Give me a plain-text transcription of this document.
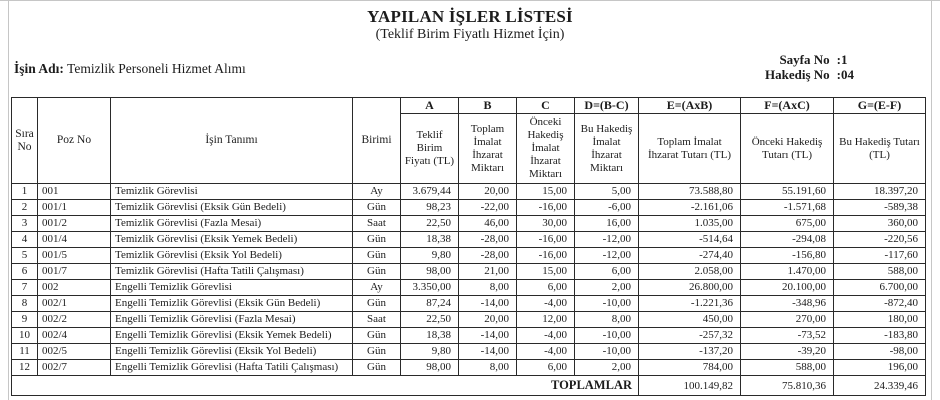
YAPILAN İŞLER LİSTESİ
(Teklif Birim Fiyatlı Hizmet İçin)
İşin Adı: Temizlik Personeli Hizmet Alımı
Sayfa No :1
Hakediş No :04
Sıra No	Poz No	İşin Tanımı	Birimi	A	B	C	D=(B-C)	E=(AxB)	F=(AxC)	G=(E-F)
				Teklif Birim Fiyatı (TL)	Toplam İmalat İhzarat Miktarı	Önceki Hakediş İmalat İhzarat Miktarı	Bu Hakediş İmalat İhzarat Miktarı	Toplam İmalat İhzarat Tutarı (TL)	Önceki Hakediş Tutarı (TL)	Bu Hakediş Tutarı (TL)
1	001	Temizlik Görevlisi	Ay	3.679,44	20,00	15,00	5,00	73.588,80	55.191,60	18.397,20
2	001/1	Temizlik Görevlisi (Eksik Gün Bedeli)	Gün	98,23	-22,00	-16,00	-6,00	-2.161,06	-1.571,68	-589,38
3	001/2	Temizlik Görevlisi (Fazla Mesai)	Saat	22,50	46,00	30,00	16,00	1.035,00	675,00	360,00
4	001/4	Temizlik Görevlisi (Eksik Yemek Bedeli)	Gün	18,38	-28,00	-16,00	-12,00	-514,64	-294,08	-220,56
5	001/5	Temizlik Görevlisi (Eksik Yol Bedeli)	Gün	9,80	-28,00	-16,00	-12,00	-274,40	-156,80	-117,60
6	001/7	Temizlik Görevlisi (Hafta Tatili Çalışması)	Gün	98,00	21,00	15,00	6,00	2.058,00	1.470,00	588,00
7	002	Engelli Temizlik Görevlisi	Ay	3.350,00	8,00	6,00	2,00	26.800,00	20.100,00	6.700,00
8	002/1	Engelli Temizlik Görevlisi (Eksik Gün Bedeli)	Gün	87,24	-14,00	-4,00	-10,00	-1.221,36	-348,96	-872,40
9	002/2	Engelli Temizlik Görevlisi (Fazla Mesai)	Saat	22,50	20,00	12,00	8,00	450,00	270,00	180,00
10	002/4	Engelli Temizlik Görevlisi (Eksik Yemek Bedeli)	Gün	18,38	-14,00	-4,00	-10,00	-257,32	-73,52	-183,80
11	002/5	Engelli Temizlik Görevlisi (Eksik Yol Bedeli)	Gün	9,80	-14,00	-4,00	-10,00	-137,20	-39,20	-98,00
12	002/7	Engelli Temizlik Görevlisi (Hafta Tatili Çalışması)	Gün	98,00	8,00	6,00	2,00	784,00	588,00	196,00
TOPLAMLAR								100.149,82	75.810,36	24.339,46
